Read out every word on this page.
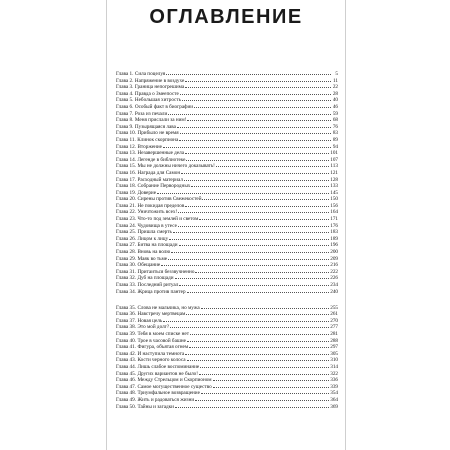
ОГЛАВЛЕНИЕ
Глава 1. Сила поцелуя	5
Глава 2. Напряжение в воздухе	11
Глава 3. Граница непогрешима	22
Глава 4. Правда о Змеепосте	28
Глава 5. Небольшая хитрость	40
Глава 6. Особый факт в биографии	46
Глава 7. Роза из печали	59
Глава 8. Меня прислали за ним!	68
Глава 9. Пузырящаяся лава	76
Глава 10. Прибыло не время	83
Глава 11. Клинок скорпиона	89
Глава 12. Вторжение	94
Глава 13. Незавершенные дела	101
Глава 14. Легенде в библиотеке	107
Глава 15. Мы не должны ничего доказывать!	113
Глава 16. Награда для Самон	121
Глава 17. Расходный материал	128
Глава 18. Собрание Первородных	133
Глава 19. Доверие	145
Глава 20. Сирены против Свежекостей	150
Глава 21. Не покидая пределов	156
Глава 22. Уничтожить всех!	164
Глава 23. Что-то под землей и светом	171
Глава 24. Чудовища в утесе	176
Глава 25. Пришла смерть	183
Глава 26. Лицом к лицу	189
Глава 27. Битва на площади	196
Глава 28. Вновь на волю	200
Глава 29. Маяк во тьме	209
Глава 30. Обещание	216
Глава 31. Притаиться беззвучненно	222
Глава 32. Дуб на площади	226
Глава 33. Последний ритуал	234
Глава 34. Жрица против пантер	240
Глава 35. Слова не мальчика, но мужа	255
Глава 36. Навстречу мертвецам	261
Глава 37. Новая цель	270
Глава 38. Это мой долг?	277
Глава 39. Тебя в моем списке нет	281
Глава 40. Трое в часовой башне	288
Глава 41. Фигура, объятая огнем	297
Глава 42. И наступила темнота	305
Глава 43. Кости черного колоса	310
Глава 44. Лишь слабое воспоминание	314
Глава 45. Других вариантов не было!	322
Глава 46. Между Стрельцом и Скорпионом	336
Глава 47. Самое могущественное существо	339
Глава 48. Триумфальное возвращение	354
Глава 49. Жить и радоваться жизни	364
Глава 50. Тайны и загадки	369
